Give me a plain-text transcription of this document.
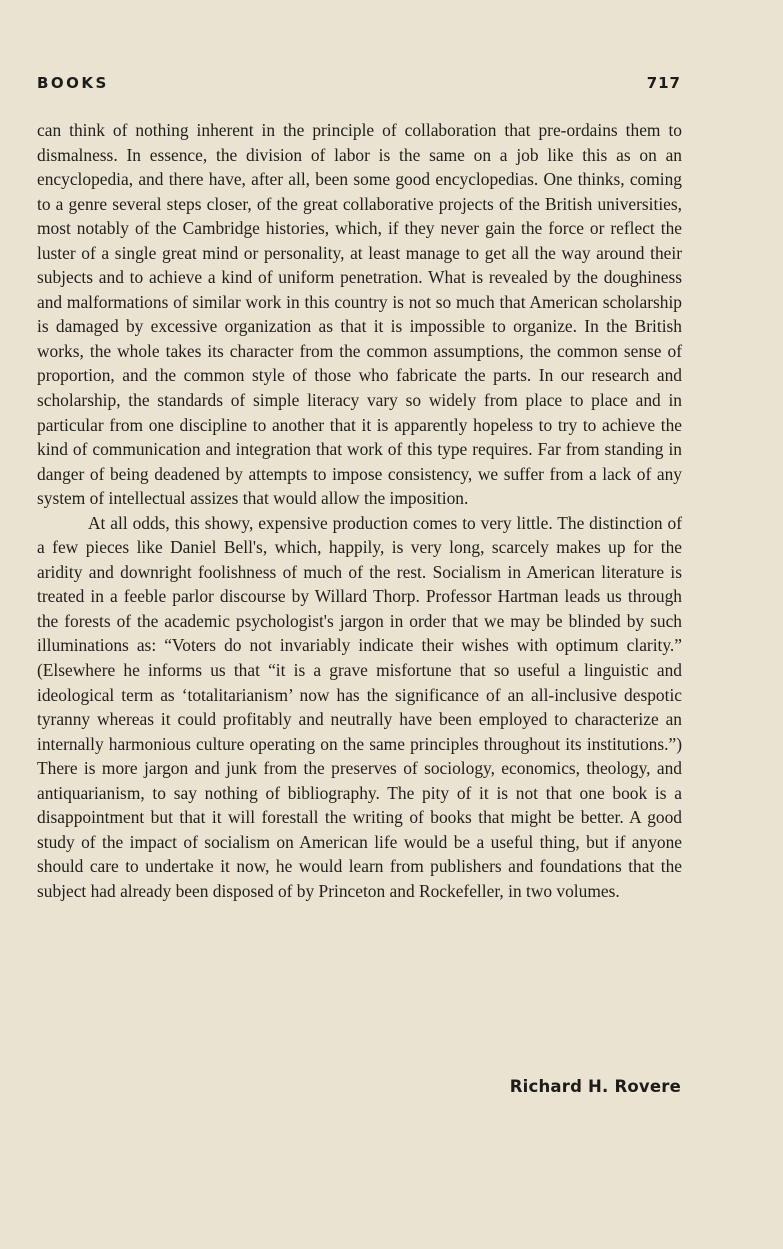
BOOKS	717

can think of nothing inherent in the principle of collaboration that pre-ordains them to dismalness. In essence, the division of labor is the same on a job like this as on an encyclopedia, and there have, after all, been some good encyclopedias. One thinks, coming to a genre several steps closer, of the great collaborative projects of the British universities, most notably of the Cambridge histories, which, if they never gain the force or reflect the luster of a single great mind or personality, at least manage to get all the way around their subjects and to achieve a kind of uniform penetration. What is revealed by the doughiness and malformations of similar work in this country is not so much that American scholarship is damaged by excessive organization as that it is impossible to organize. In the British works, the whole takes its character from the common assumptions, the common sense of proportion, and the common style of those who fabricate the parts. In our research and scholarship, the standards of simple literacy vary so widely from place to place and in particular from one discipline to another that it is apparently hopeless to try to achieve the kind of communication and integration that work of this type requires. Far from standing in danger of being deadened by attempts to impose consistency, we suffer from a lack of any system of intellectual assizes that would allow the imposition.

At all odds, this showy, expensive production comes to very little. The distinction of a few pieces like Daniel Bell's, which, happily, is very long, scarcely makes up for the aridity and downright foolishness of much of the rest. Socialism in American literature is treated in a feeble parlor discourse by Willard Thorp. Professor Hartman leads us through the forests of the academic psychologist's jargon in order that we may be blinded by such illuminations as: “Voters do not invariably indicate their wishes with optimum clarity.” (Elsewhere he informs us that “it is a grave misfortune that so useful a linguistic and ideological term as ‘totalitarianism’ now has the significance of an all-inclusive despotic tyranny whereas it could profitably and neutrally have been employed to characterize an internally harmonious culture operating on the same principles throughout its institutions.”) There is more jargon and junk from the preserves of sociology, economics, theology, and antiquarianism, to say nothing of bibliography. The pity of it is not that one book is a disappointment but that it will forestall the writing of books that might be better. A good study of the impact of socialism on American life would be a useful thing, but if anyone should care to undertake it now, he would learn from publishers and foundations that the subject had already been disposed of by Princeton and Rockefeller, in two volumes.

Richard H. Rovere
